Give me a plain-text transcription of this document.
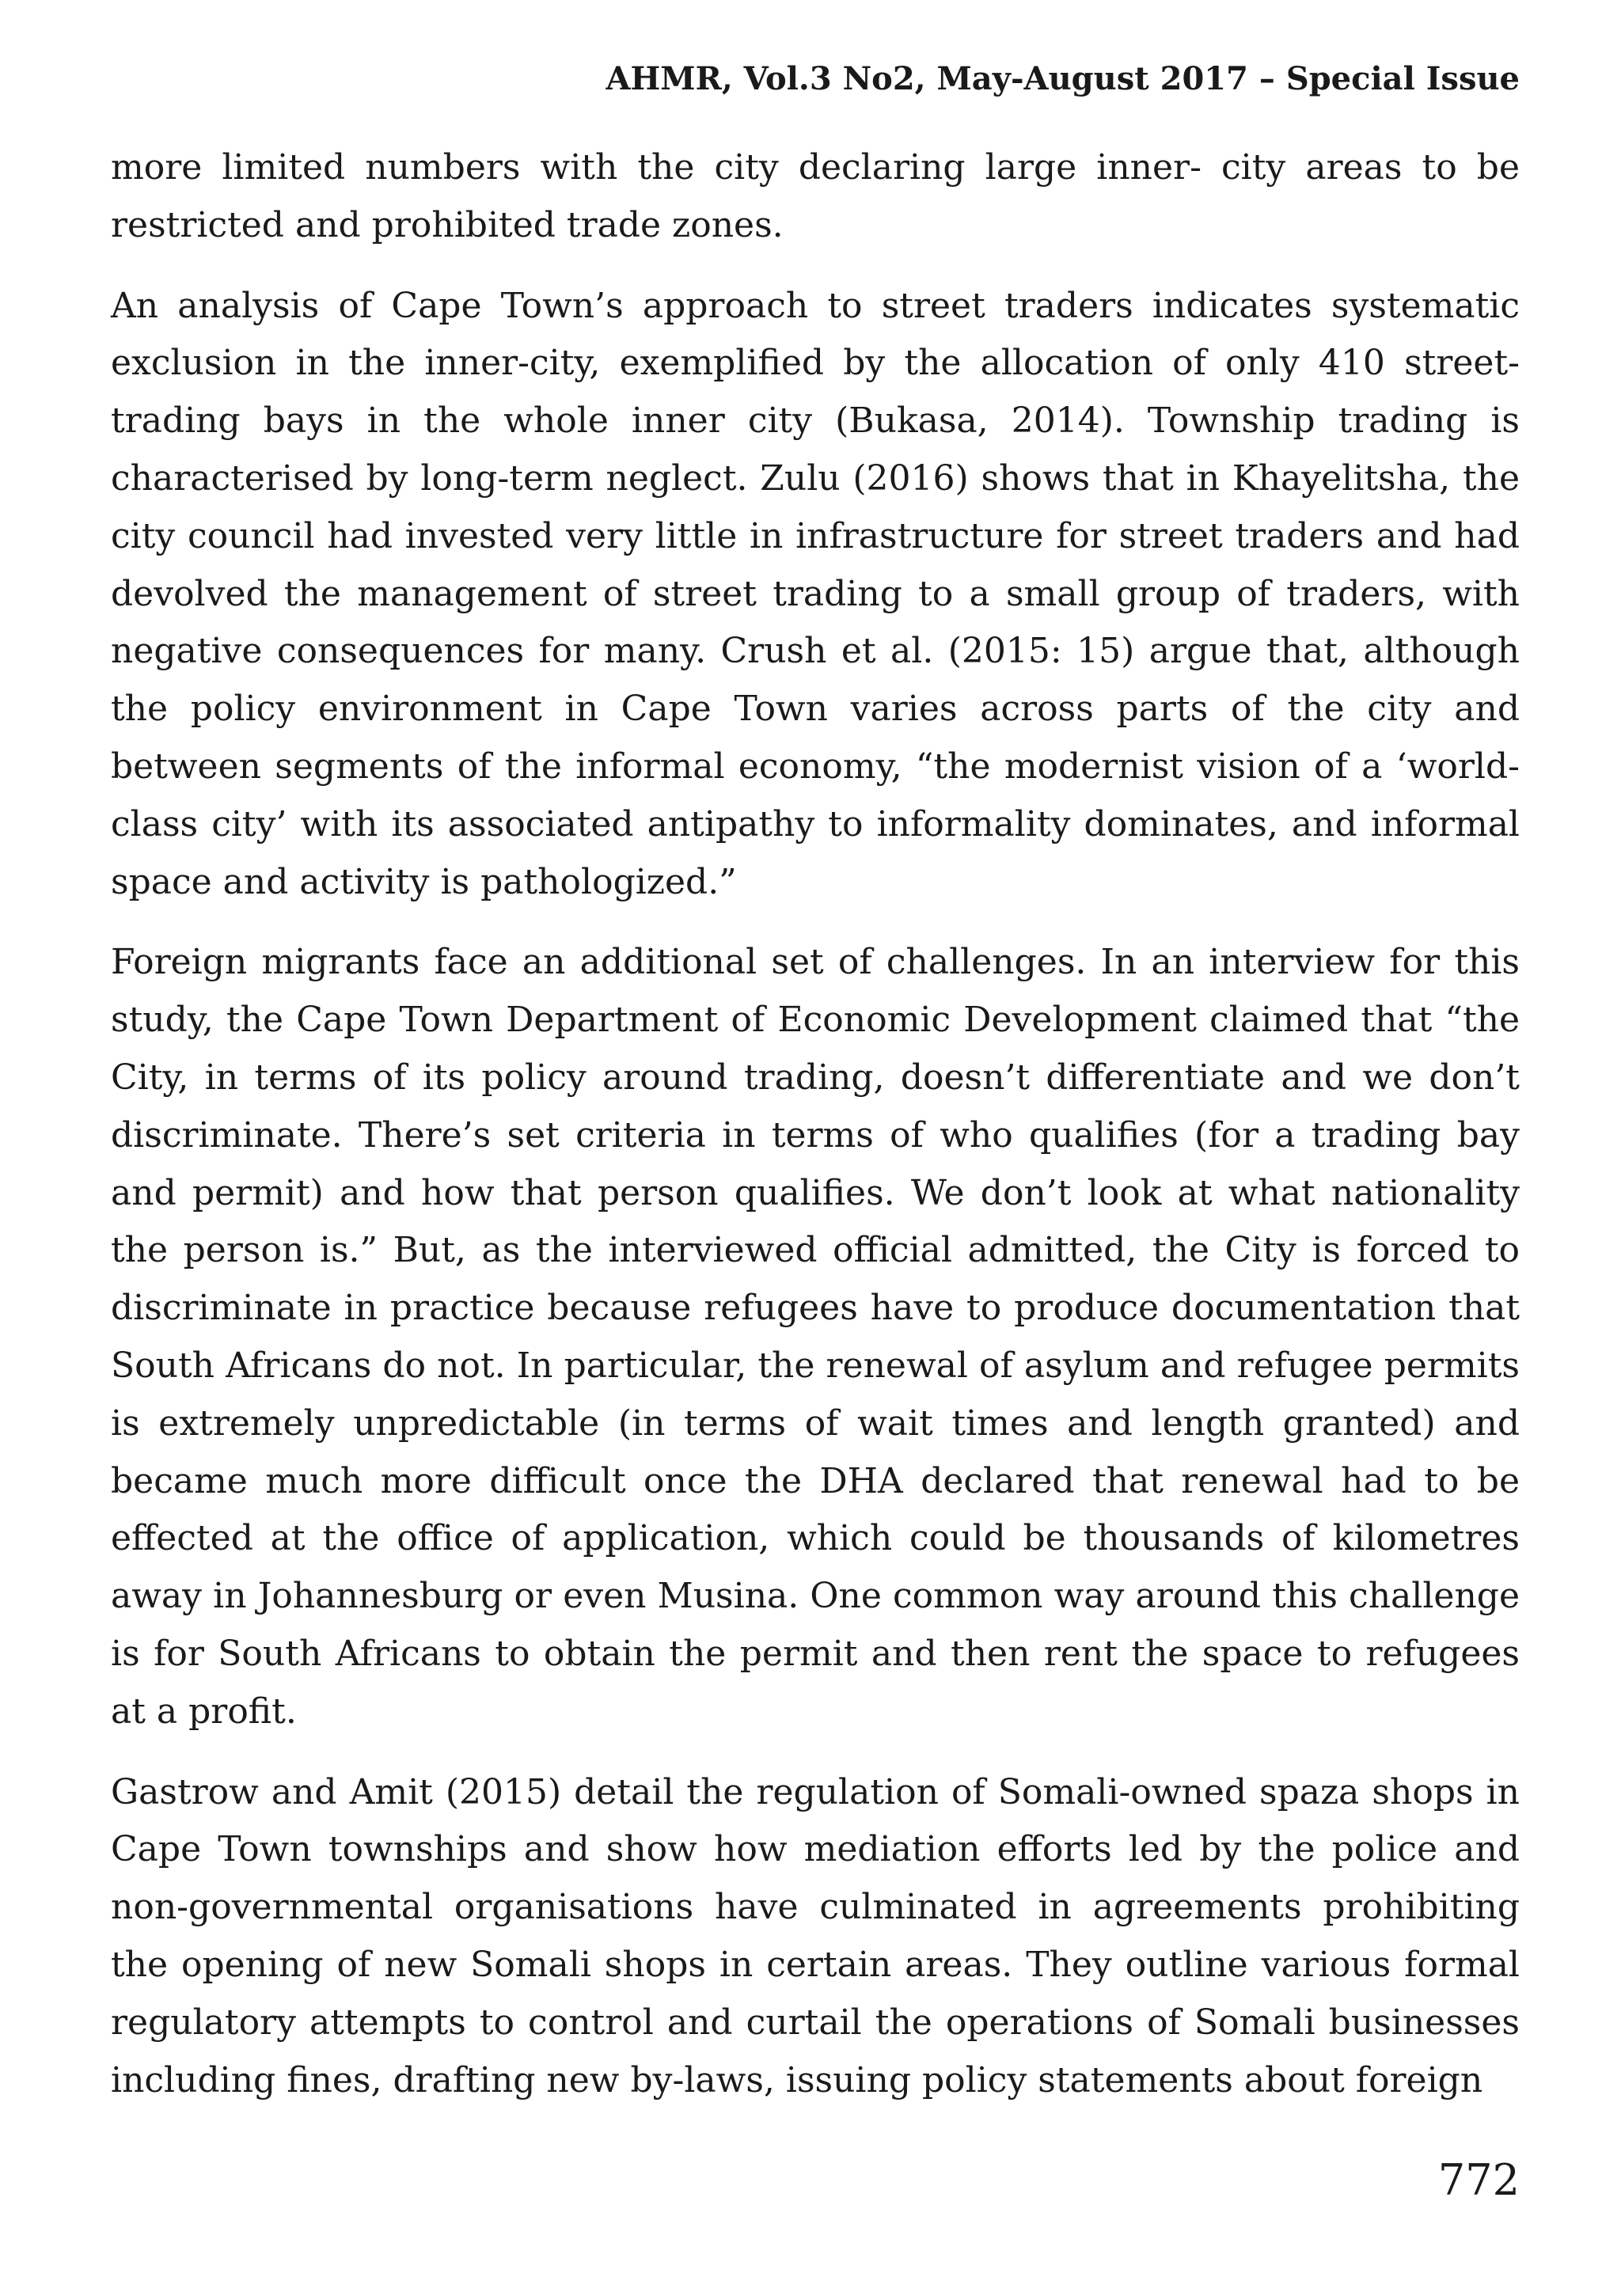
AHMR, Vol.3 No2, May-August 2017 – Special Issue

more limited numbers with the city declaring large inner- city areas to be restricted and prohibited trade zones.

An analysis of Cape Town’s approach to street traders indicates systematic exclusion in the inner-city, exemplified by the allocation of only 410 street-trading bays in the whole inner city (Bukasa, 2014). Township trading is characterised by long-term neglect. Zulu (2016) shows that in Khayelitsha, the city council had invested very little in infrastructure for street traders and had devolved the management of street trading to a small group of traders, with negative consequences for many. Crush et al. (2015: 15) argue that, although the policy environment in Cape Town varies across parts of the city and between segments of the informal economy, “the modernist vision of a ‘world-class city’ with its associated antipathy to informality dominates, and informal space and activity is pathologized.”

Foreign migrants face an additional set of challenges. In an interview for this study, the Cape Town Department of Economic Development claimed that “the City, in terms of its policy around trading, doesn’t differentiate and we don’t discriminate. There’s set criteria in terms of who qualifies (for a trading bay and permit) and how that person qualifies. We don’t look at what nationality the person is.” But, as the interviewed official admitted, the City is forced to discriminate in practice because refugees have to produce documentation that South Africans do not. In particular, the renewal of asylum and refugee permits is extremely unpredictable (in terms of wait times and length granted) and became much more difficult once the DHA declared that renewal had to be effected at the office of application, which could be thousands of kilometres away in Johannesburg or even Musina. One common way around this challenge is for South Africans to obtain the permit and then rent the space to refugees at a profit.

Gastrow and Amit (2015) detail the regulation of Somali-owned spaza shops in Cape Town townships and show how mediation efforts led by the police and non-governmental organisations have culminated in agreements prohibiting the opening of new Somali shops in certain areas. They outline various formal regulatory attempts to control and curtail the operations of Somali businesses including fines, drafting new by-laws, issuing policy statements about foreign

772
